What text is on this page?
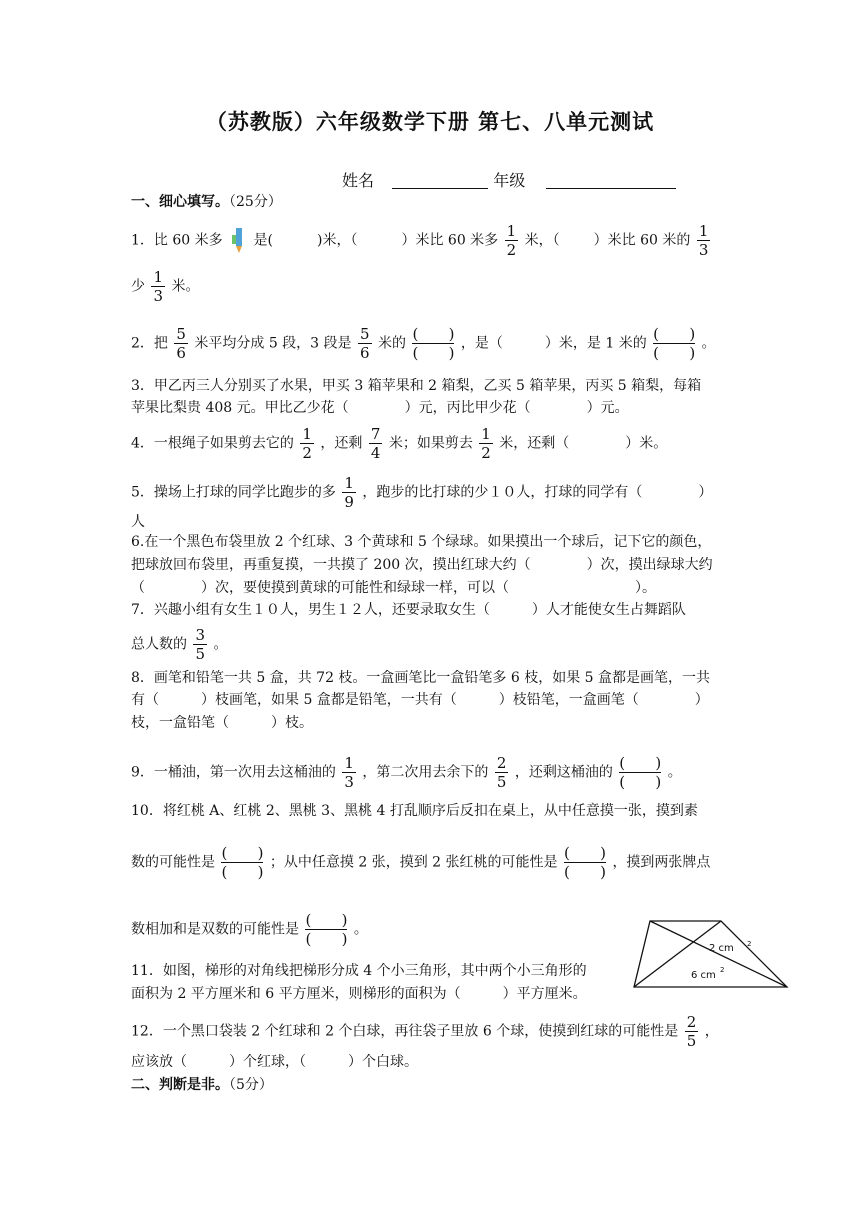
（苏教版）六年级数学下册 第七、八单元测试
姓名	年级
一、细心填写。（25分）
1．比 60 米多 是(	)米，（	）米比 60 米多 $\frac{1}{2}$ 米，（ ）米比 60 米的 $\frac{1}{3}$
少 $\frac{1}{3}$ 米。
2．把 $\frac{5}{6}$ 米平均分成 5 段，3 段是 $\frac{5}{6}$ 米的
( )
( )
，是（	）米，是 1 米的
( )
( )
。
3．甲乙丙三人分别买了水果，甲买 3 箱苹果和 2 箱梨，乙买 5 箱苹果，丙买 5 箱梨，每箱
苹果比梨贵 408 元。甲比乙少花（　　　　）元，丙比甲少花（　　　　）元。
4．一根绳子如果剪去它的 $\frac{1}{2}$ ，还剩 $\frac{7}{4}$ 米；如果剪去 $\frac{1}{2}$ 米，还剩（　　　　）米。
5．操场上打球的同学比跑步的多 $\frac{1}{9}$ ，跑步的比打球的少１０人，打球的同学有（　　　　）
人
6.在一个黑色布袋里放 2 个红球、3 个黄球和 5 个绿球。如果摸出一个球后，记下它的颜色，
把球放回布袋里，再重复摸，一共摸了 200 次，摸出红球大约（　　　　）次，摸出绿球大约
（　　　　）次，要使摸到黄球的可能性和绿球一样，可以（　　　　　　　　　）。
7．兴趣小组有女生１０人，男生１２人，还要录取女生（　　　）人才能使女生占舞蹈队
总人数的 $\frac{3}{5}$ 。
8．画笔和铅笔一共 5 盒，共 72 枝。一盒画笔比一盒铅笔多 6 枝，如果 5 盒都是画笔，一共
有（　　　）枝画笔，如果 5 盒都是铅笔，一共有（　　　）枝铅笔，一盒画笔（　　　　）
枝，一盒铅笔（　　　）枝。
9．一桶油，第一次用去这桶油的 $\frac{1}{3}$ ，第二次用去余下的 $\frac{2}{5}$ ，还剩这桶油的
( )
( )
。
10．将红桃 A、红桃 2、黑桃 3、黑桃 4 打乱顺序后反扣在桌上，从中任意摸一张，摸到素
数的可能性是
( )
( )
；从中任意摸 2 张，摸到 2 张红桃的可能性是
( )
( )
，摸到两张牌点
数相加和是双数的可能性是
( )
( )
。
2 cm 2
6 cm 2
11．如图，梯形的对角线把梯形分成 4 个小三角形，其中两个小三角形的
面积为 2 平方厘米和 6 平方厘米，则梯形的面积为（　　　）平方厘米。
12．一个黑口袋装 2 个红球和 2 个白球，再往袋子里放 6 个球，使摸到红球的可能性是 $\frac{2}{5}$ ，
应该放（　　　）个红球，（　　　）个白球。
二、判断是非。（5分）
